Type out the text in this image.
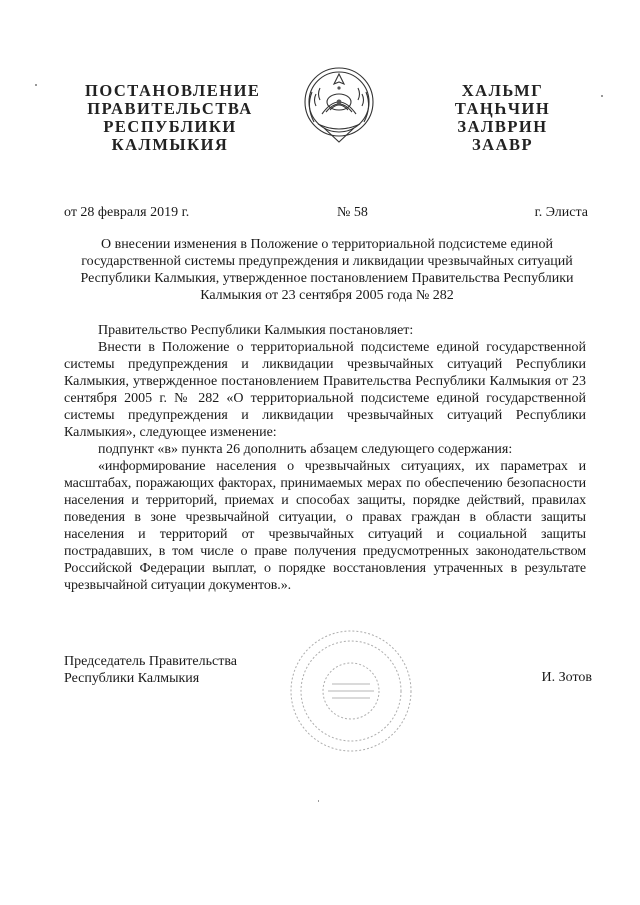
ПОСТАНОВЛЕНИЕ
ПРАВИТЕЛЬСТВА
РЕСПУБЛИКИ
КАЛМЫКИЯ
ХАЛЬМГ
ТАҢҺЧИН
ЗАЛВРИН
ЗААВР
от 28 февраля 2019 г.	№ 58	г. Элиста
О внесении изменения в Положение о территориальной подсистеме единой
государственной системы предупреждения и ликвидации чрезвычайных ситуаций
Республики Калмыкия, утвержденное постановлением Правительства Республики
Калмыкия от 23 сентября 2005 года № 282

Правительство Республики Калмыкия постановляет:

Внести в Положение о территориальной подсистеме единой государственной системы предупреждения и ликвидации чрезвычайных ситуаций Республики Калмыкия, утвержденное постановлением Правительства Республики Калмыкия от 23 сентября 2005 г. № 282 «О территориальной подсистеме единой государственной системы предупреждения и ликвидации чрезвычайных ситуаций Республики Калмыкия», следующее изменение:

подпункт «в» пункта 26 дополнить абзацем следующего содержания:

«информирование населения о чрезвычайных ситуациях, их параметрах и масштабах, поражающих факторах, принимаемых мерах по обеспечению безопасности населения и территорий, приемах и способах защиты, порядке действий, правилах поведения в зоне чрезвычайной ситуации, о правах граждан в области защиты населения и территорий от чрезвычайных ситуаций и социальной защиты пострадавших, в том числе о праве получения предусмотренных законодательством Российской Федерации выплат, о порядке восстановления утраченных в результате чрезвычайной ситуации документов.».

Председатель Правительства
Республики Калмыкия	И. Зотов
